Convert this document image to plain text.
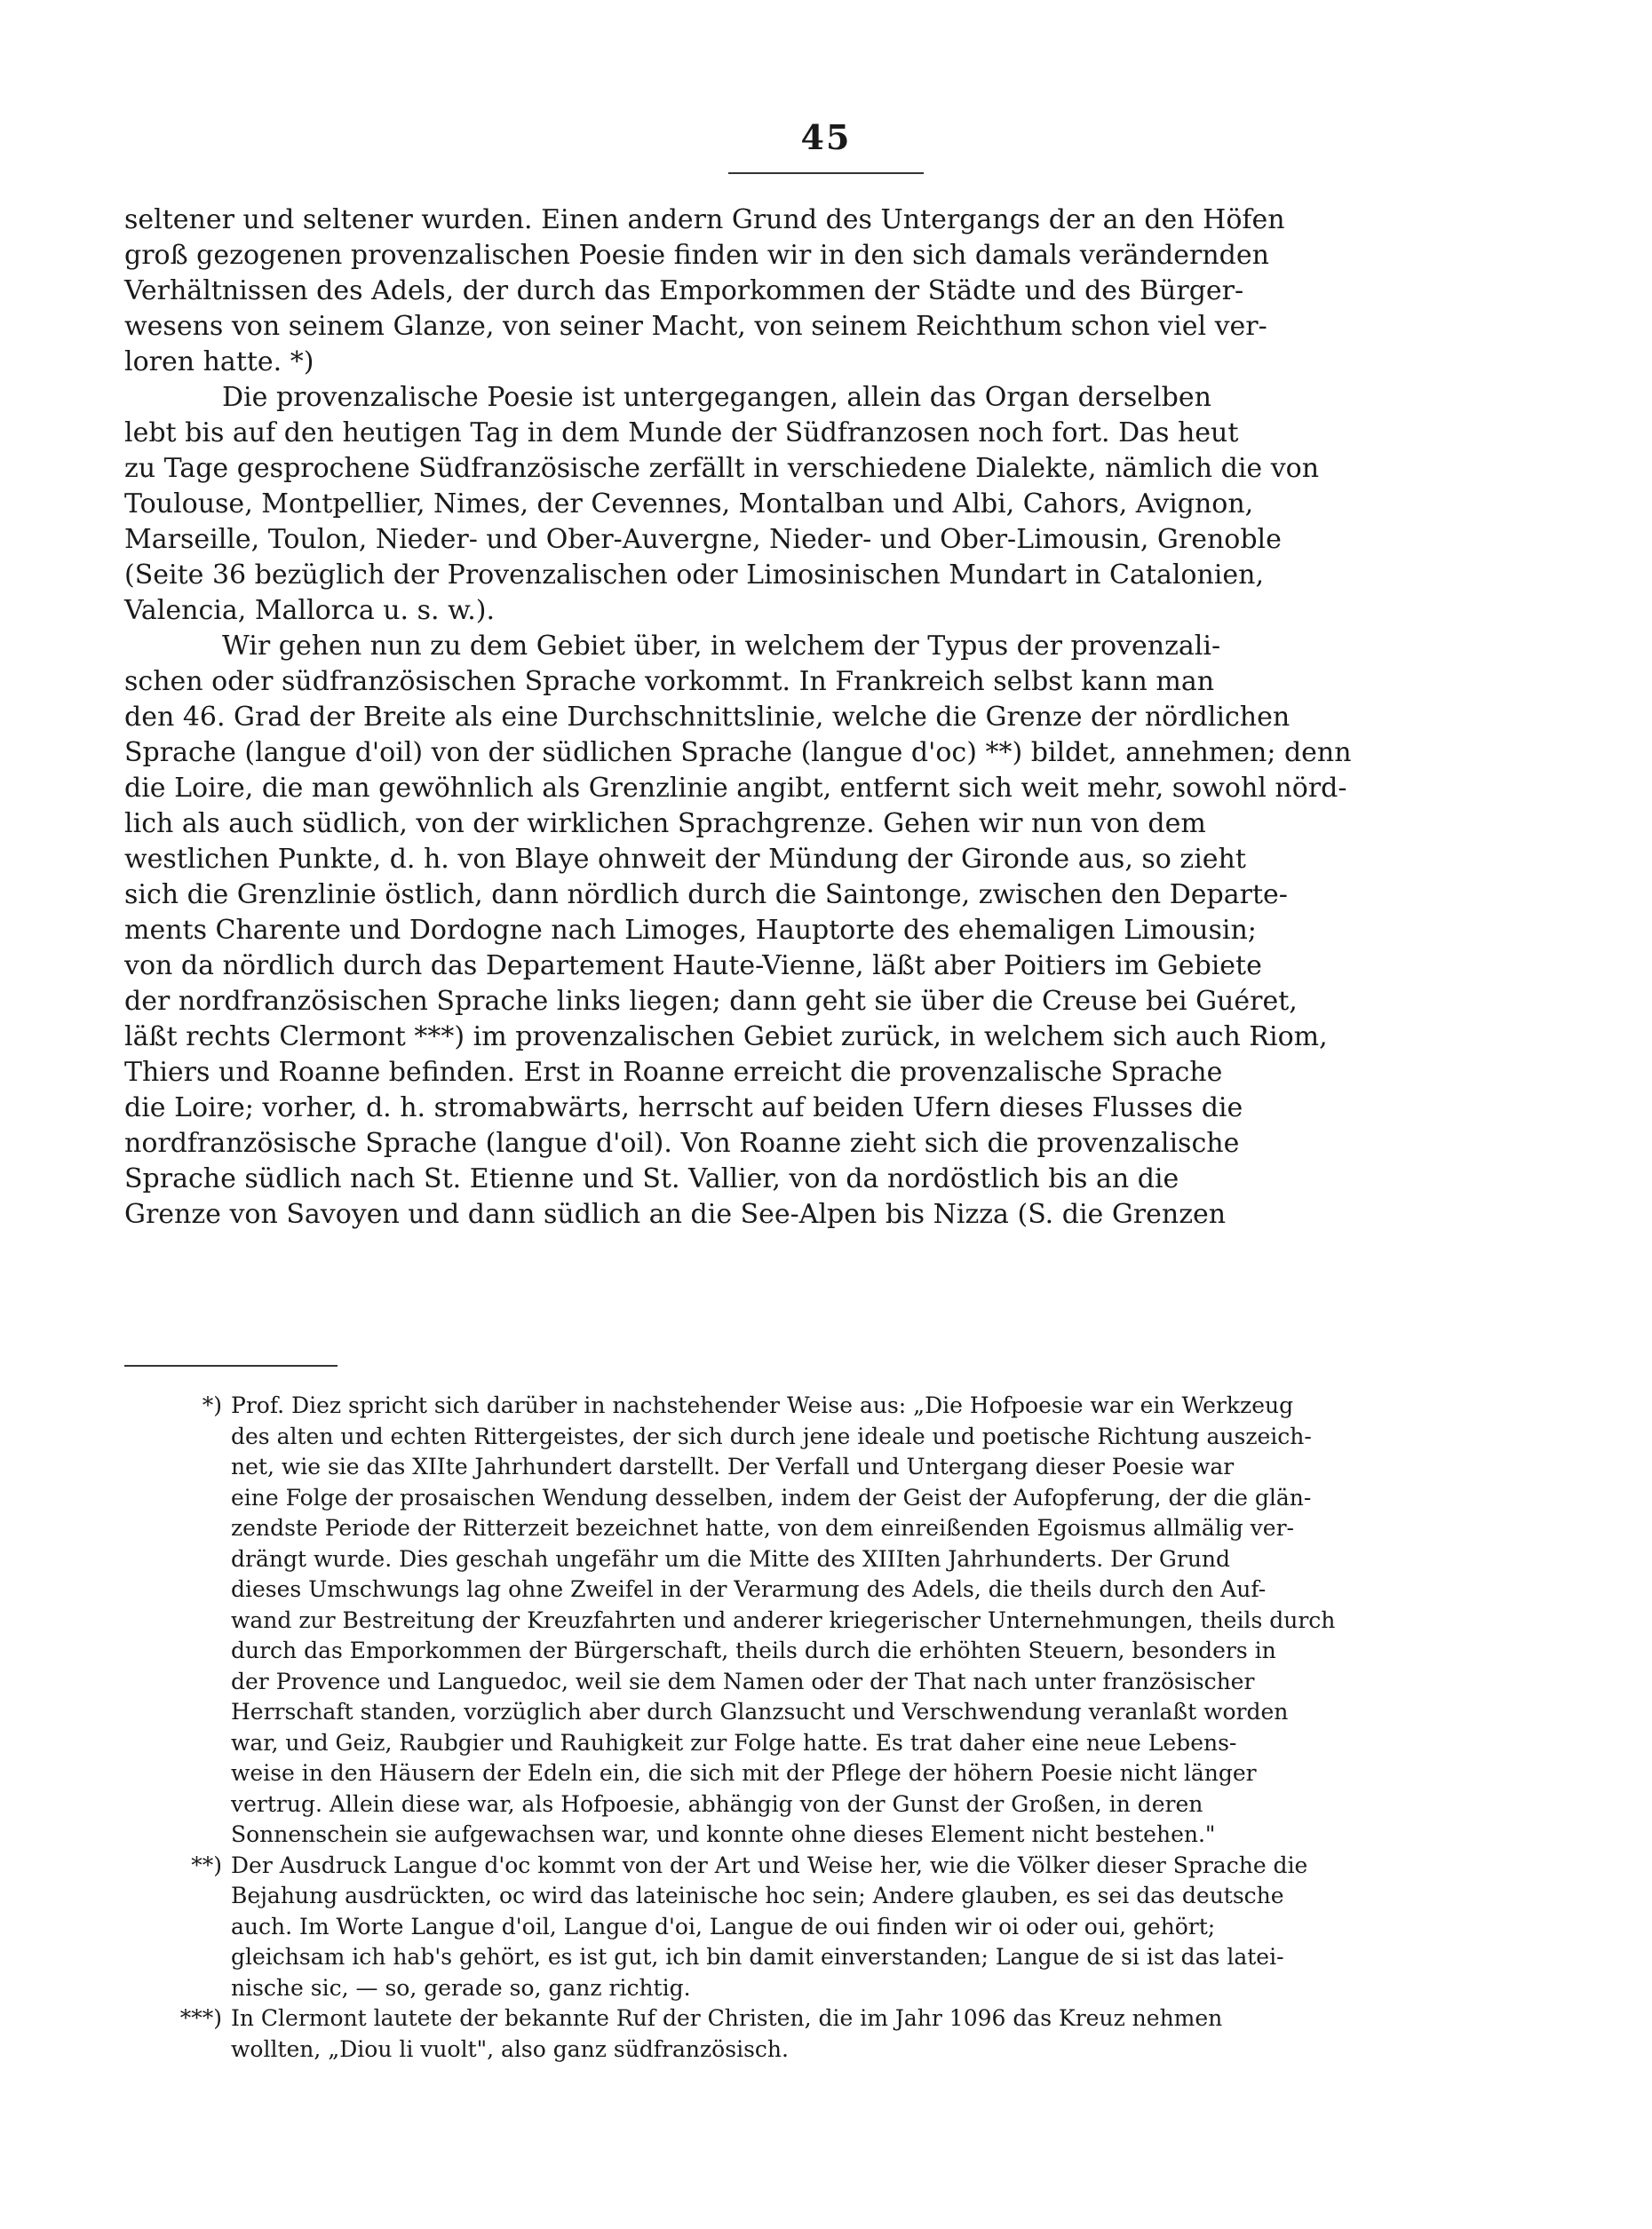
45
seltener und seltener wurden. Einen andern Grund des Untergangs der an den Höfen
groß gezogenen provenzalischen Poesie finden wir in den sich damals verändernden
Verhältnissen des Adels, der durch das Emporkommen der Städte und des Bürger-
wesens von seinem Glanze, von seiner Macht, von seinem Reichthum schon viel ver-
loren hatte. *)
Die provenzalische Poesie ist untergegangen, allein das Organ derselben
lebt bis auf den heutigen Tag in dem Munde der Südfranzosen noch fort. Das heut
zu Tage gesprochene Südfranzösische zerfällt in verschiedene Dialekte, nämlich die von
Toulouse, Montpellier, Nimes, der Cevennes, Montalban und Albi, Cahors, Avignon,
Marseille, Toulon, Nieder- und Ober-Auvergne, Nieder- und Ober-Limousin, Grenoble
(Seite 36 bezüglich der Provenzalischen oder Limosinischen Mundart in Catalonien,
Valencia, Mallorca u. s. w.).
Wir gehen nun zu dem Gebiet über, in welchem der Typus der provenzali-
schen oder südfranzösischen Sprache vorkommt. In Frankreich selbst kann man
den 46. Grad der Breite als eine Durchschnittslinie, welche die Grenze der nördlichen
Sprache (langue d'oil) von der südlichen Sprache (langue d'oc) **) bildet, annehmen; denn
die Loire, die man gewöhnlich als Grenzlinie angibt, entfernt sich weit mehr, sowohl nörd-
lich als auch südlich, von der wirklichen Sprachgrenze. Gehen wir nun von dem
westlichen Punkte, d. h. von Blaye ohnweit der Mündung der Gironde aus, so zieht
sich die Grenzlinie östlich, dann nördlich durch die Saintonge, zwischen den Departe-
ments Charente und Dordogne nach Limoges, Hauptorte des ehemaligen Limousin;
von da nördlich durch das Departement Haute-Vienne, läßt aber Poitiers im Gebiete
der nordfranzösischen Sprache links liegen; dann geht sie über die Creuse bei Guéret,
läßt rechts Clermont ***) im provenzalischen Gebiet zurück, in welchem sich auch Riom,
Thiers und Roanne befinden. Erst in Roanne erreicht die provenzalische Sprache
die Loire; vorher, d. h. stromabwärts, herrscht auf beiden Ufern dieses Flusses die
nordfranzösische Sprache (langue d'oil). Von Roanne zieht sich die provenzalische
Sprache südlich nach St. Etienne und St. Vallier, von da nordöstlich bis an die
Grenze von Savoyen und dann südlich an die See-Alpen bis Nizza (S. die Grenzen
*) Prof. Diez spricht sich darüber in nachstehender Weise aus: „Die Hofpoesie war ein Werkzeug
des alten und echten Rittergeistes, der sich durch jene ideale und poetische Richtung auszeich-
net, wie sie das XIIte Jahrhundert darstellt. Der Verfall und Untergang dieser Poesie war
eine Folge der prosaischen Wendung desselben, indem der Geist der Aufopferung, der die glän-
zendste Periode der Ritterzeit bezeichnet hatte, von dem einreißenden Egoismus allmälig ver-
drängt wurde. Dies geschah ungefähr um die Mitte des XIIIten Jahrhunderts. Der Grund
dieses Umschwungs lag ohne Zweifel in der Verarmung des Adels, die theils durch den Auf-
wand zur Bestreitung der Kreuzfahrten und anderer kriegerischer Unternehmungen, theils durch
durch das Emporkommen der Bürgerschaft, theils durch die erhöhten Steuern, besonders in
der Provence und Languedoc, weil sie dem Namen oder der That nach unter französischer
Herrschaft standen, vorzüglich aber durch Glanzsucht und Verschwendung veranlaßt worden
war, und Geiz, Raubgier und Rauhigkeit zur Folge hatte. Es trat daher eine neue Lebens-
weise in den Häusern der Edeln ein, die sich mit der Pflege der höhern Poesie nicht länger
vertrug. Allein diese war, als Hofpoesie, abhängig von der Gunst der Großen, in deren
Sonnenschein sie aufgewachsen war, und konnte ohne dieses Element nicht bestehen."
**) Der Ausdruck Langue d'oc kommt von der Art und Weise her, wie die Völker dieser Sprache die
Bejahung ausdrückten, oc wird das lateinische hoc sein; Andere glauben, es sei das deutsche
auch. Im Worte Langue d'oil, Langue d'oi, Langue de oui finden wir oi oder oui, gehört;
gleichsam ich hab's gehört, es ist gut, ich bin damit einverstanden; Langue de si ist das latei-
nische sic, — so, gerade so, ganz richtig.
***) In Clermont lautete der bekannte Ruf der Christen, die im Jahr 1096 das Kreuz nehmen
wollten, „Diou li vuolt", also ganz südfranzösisch.
